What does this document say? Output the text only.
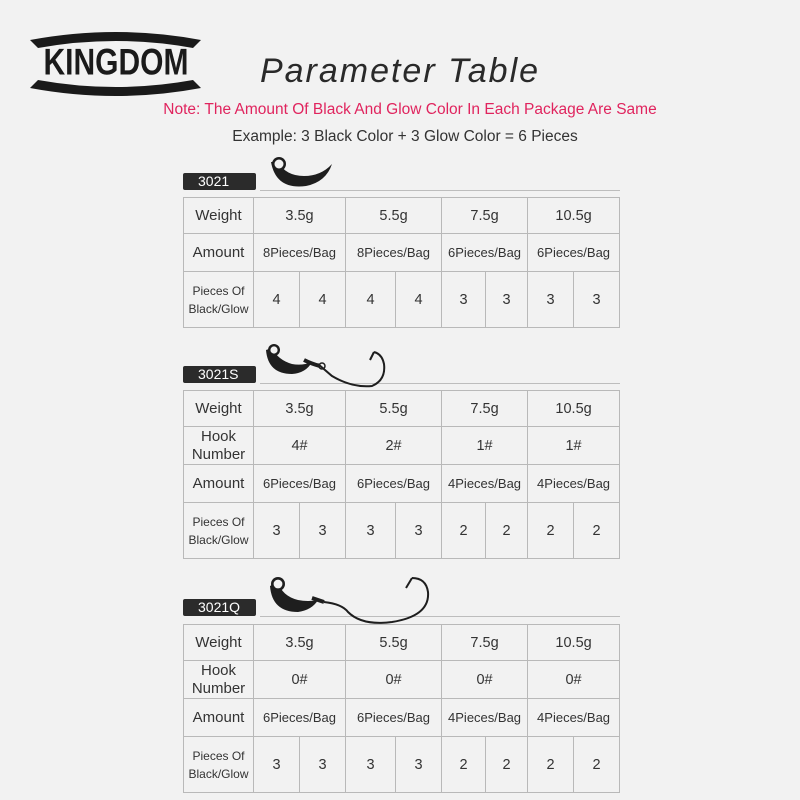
KINGDOM	Parameter Table
Note: The Amount Of Black And Glow Color In Each Package Are Same
Example: 3 Black Color + 3 Glow Color = 6 Pieces
3021
Weight	3.5g		5.5g		7.5g		10.5g	
Amount	8Pieces/Bag		8Pieces/Bag		6Pieces/Bag		6Pieces/Bag	

Pieces Of
Black/Glow	4	4	4	4	3	3	3	3
3021S
Weight	3.5g		5.5g		7.5g		10.5g	

Hook
Number	4#		2#		1#		1#	
Amount	6Pieces/Bag		6Pieces/Bag		4Pieces/Bag		4Pieces/Bag	

Pieces Of
Black/Glow	3	3	3	3	2	2	2	2
3021Q
Weight	3.5g		5.5g		7.5g		10.5g	

Hook
Number	0#		0#		0#		0#	
Amount	6Pieces/Bag		6Pieces/Bag		4Pieces/Bag		4Pieces/Bag	

Pieces Of
Black/Glow	3	3	3	3	2	2	2	2
